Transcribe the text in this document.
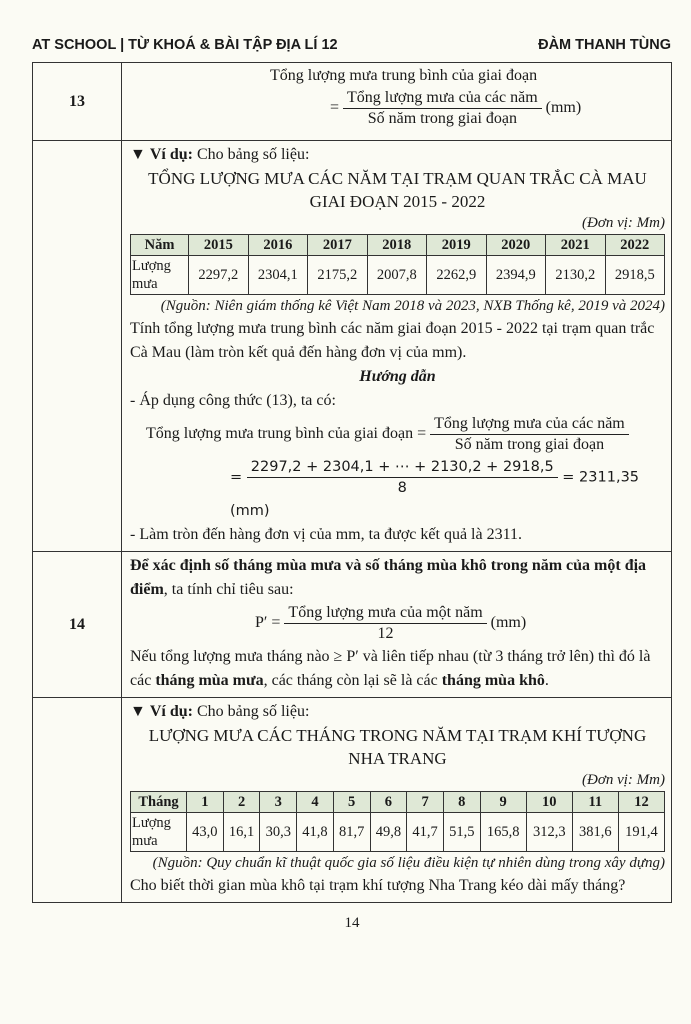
AT SCHOOL | TỪ KHOÁ & BÀI TẬP ĐỊA LÍ 12	ĐÀM THANH TÙNG
13
Tổng lượng mưa trung bình của giai đoạn
= $\frac{\text{Tổng lượng mưa của các năm}}{\text{Số năm trong giai đoạn}} (mm)$
▼ Ví dụ: Cho bảng số liệu:
TỔNG LƯỢNG MƯA CÁC NĂM TẠI TRẠM QUAN TRẮC CÀ MAU
GIAI ĐOẠN 2015 - 2022
(Đơn vị: Mm)
Năm	2015	2016	2017	2018	2019	2020	2021	2022
Lượng
mưa	2297,2	2304,1	2175,2	2007,8	2262,9	2394,9	2130,2	2918,5
(Nguồn: Niên giám thống kê Việt Nam 2018 và 2023, NXB Thống kê, 2019 và 2024)
Tính tổng lượng mưa trung bình các năm giai đoạn 2015 - 2022 tại trạm quan trắc Cà Mau (làm tròn kết quả đến hàng đơn vị của mm).
Hướng dẫn
- Áp dụng công thức (13), ta có:
Tổng lượng mưa trung bình của giai đoạn = $\frac{\text{Tổng lượng mưa của các năm}}{\text{Số năm trong giai đoạn}}$
= $\frac{2297,2 + 2304,1 + \cdots + 2130,2 + 2918,5}{8} = 2311,35$ (mm)
- Làm tròn đến hàng đơn vị của mm, ta được kết quả là 2311.
14
Để xác định số tháng mùa mưa và số tháng mùa khô trong năm của một địa điểm, ta tính chỉ tiêu sau:
$P' = \frac{\text{Tổng lượng mưa của một năm}}{12} (mm)$
Nếu tổng lượng mưa tháng nào ≥ P′ và liên tiếp nhau (từ 3 tháng trở lên) thì đó là các tháng mùa mưa, các tháng còn lại sẽ là các tháng mùa khô.
▼ Ví dụ: Cho bảng số liệu:
LƯỢNG MƯA CÁC THÁNG TRONG NĂM TẠI TRẠM KHÍ TƯỢNG
NHA TRANG
(Đơn vị: Mm)
Tháng	1	2	3	4	5	6	7	8	9	10	11	12
Lượng
mưa	43,0	16,1	30,3	41,8	81,7	49,8	41,7	51,5	165,8	312,3	381,6	191,4
(Nguồn: Quy chuẩn kĩ thuật quốc gia số liệu điều kiện tự nhiên dùng trong xây dựng)
Cho biết thời gian mùa khô tại trạm khí tượng Nha Trang kéo dài mấy tháng?
14
